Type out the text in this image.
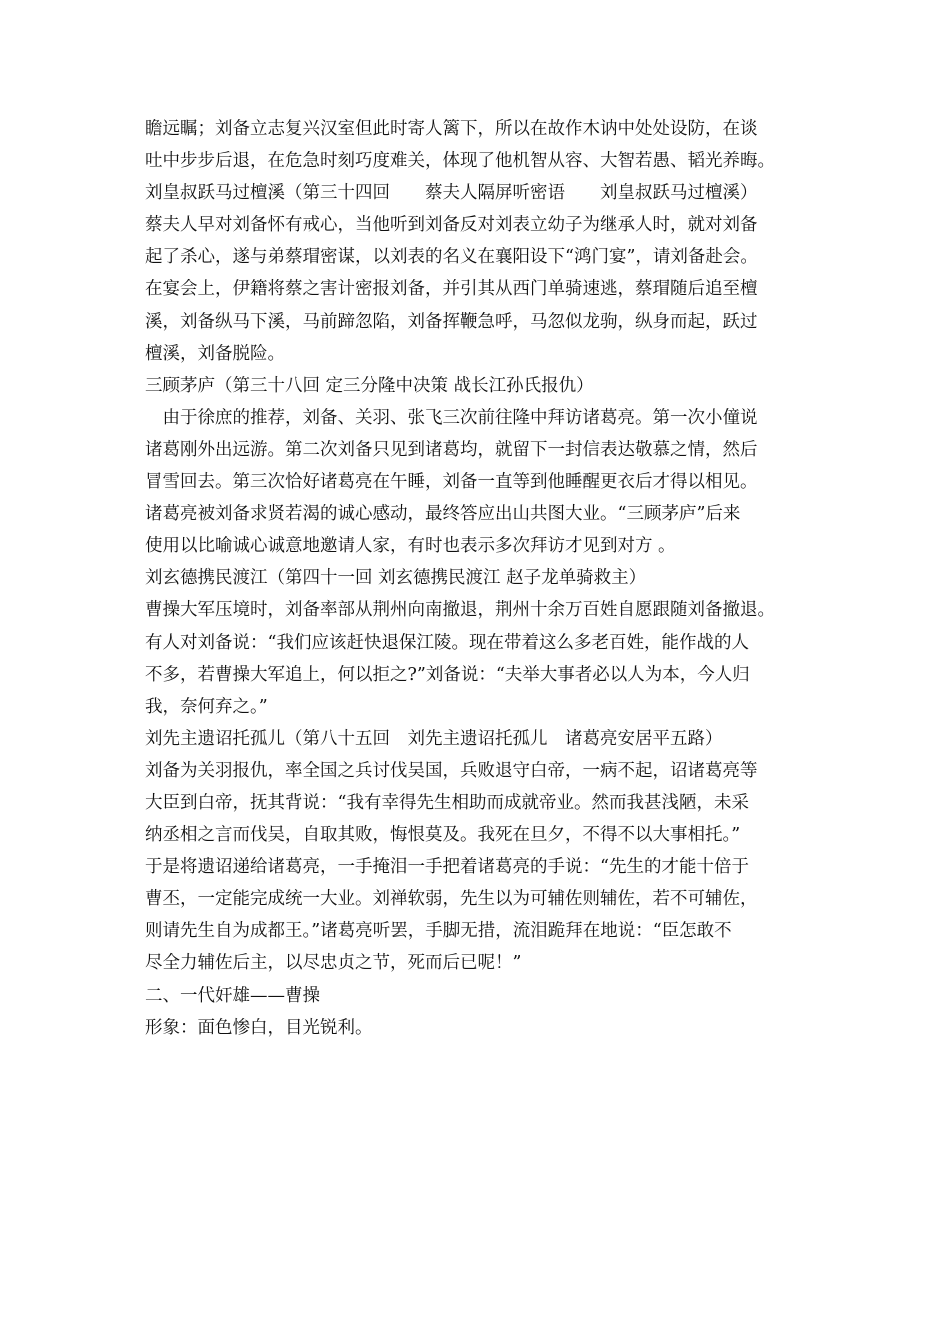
瞻远瞩；刘备立志复兴汉室但此时寄人篱下，所以在故作木讷中处处设防，在谈

吐中步步后退，在危急时刻巧度难关，体现了他机智从容、大智若愚、韬光养晦。

刘皇叔跃马过檀溪（第三十四回　　蔡夫人隔屏听密语　　刘皇叔跃马过檀溪）

蔡夫人早对刘备怀有戒心，当他听到刘备反对刘表立幼子为继承人时，就对刘备

起了杀心，遂与弟蔡瑁密谋，以刘表的名义在襄阳设下“鸿门宴”，请刘备赴会。

在宴会上，伊籍将蔡之害计密报刘备，并引其从西门单骑速逃，蔡瑁随后追至檀

溪，刘备纵马下溪，马前蹄忽陷，刘备挥鞭急呼，马忽似龙驹，纵身而起，跃过

檀溪，刘备脱险。

三顾茅庐（第三十八回 定三分隆中决策 战长江孙氏报仇）

　由于徐庶的推荐，刘备、关羽、张飞三次前往隆中拜访诸葛亮。第一次小僮说

诸葛刚外出远游。第二次刘备只见到诸葛均，就留下一封信表达敬慕之情，然后

冒雪回去。第三次恰好诸葛亮在午睡，刘备一直等到他睡醒更衣后才得以相见。

诸葛亮被刘备求贤若渴的诚心感动，最终答应出山共图大业。“三顾茅庐”后来

使用以比喻诚心诚意地邀请人家，有时也表示多次拜访才见到对方 。

刘玄德携民渡江（第四十一回 刘玄德携民渡江 赵子龙单骑救主）

曹操大军压境时，刘备率部从荆州向南撤退，荆州十余万百姓自愿跟随刘备撤退。

有人对刘备说：“我们应该赶快退保江陵。现在带着这么多老百姓，能作战的人

不多，若曹操大军追上，何以拒之?”刘备说：“夫举大事者必以人为本，今人归

我，奈何弃之。”

刘先主遗诏托孤儿（第八十五回　刘先主遗诏托孤儿　诸葛亮安居平五路）

刘备为关羽报仇，率全国之兵讨伐吴国，兵败退守白帝，一病不起，诏诸葛亮等

大臣到白帝，抚其背说：“我有幸得先生相助而成就帝业。然而我甚浅陋，未采

纳丞相之言而伐吴，自取其败，悔恨莫及。我死在旦夕，不得不以大事相托。”

于是将遗诏递给诸葛亮，一手掩泪一手把着诸葛亮的手说：“先生的才能十倍于

曹丕，一定能完成统一大业。刘禅软弱，先生以为可辅佐则辅佐，若不可辅佐，

则请先生自为成都王。”诸葛亮听罢，手脚无措，流泪跪拜在地说：“臣怎敢不

尽全力辅佐后主，以尽忠贞之节，死而后已呢！”

二、一代奸雄——曹操

形象：面色惨白，目光锐利。
